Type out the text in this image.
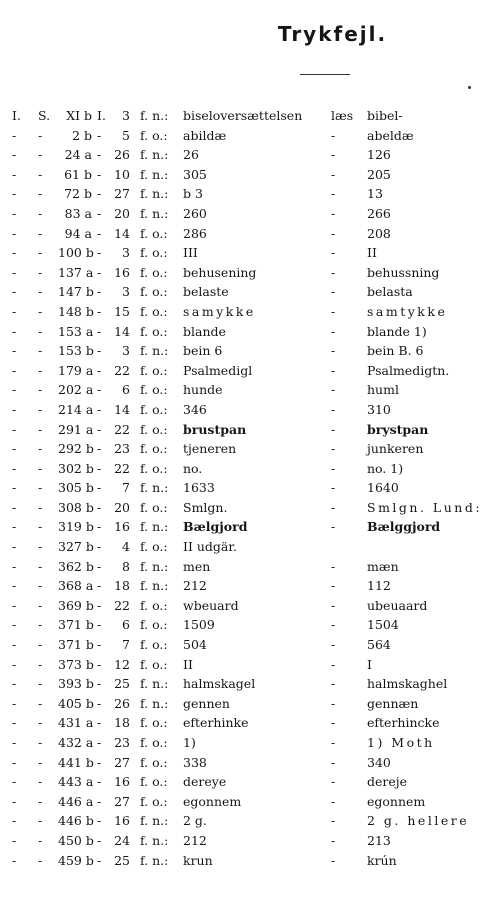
Trykfejl.
I. S.	XI b I.	3 f. n.: biseloversættelsen læs bibel-
- -	2 b -	5 f. o.: abildæ	-	abeldæ
- -	24 a -	26 f. n.: 26	-	126
- -	61 b -	10 f. n.: 305	-	205
- -	72 b -	27 f. n.: b 3	-	13
- -	83 a -	20 f. n.: 260	-	266
- -	94 a -	14 f. o.: 286	-	208
- - 100 b -	3 f. o.: III	-	II
- - 137 a -	16 f. o.: behusening	-	behussning
- - 147 b -	3 f. o.: belaste	-	belasta
- - 148 b -	15 f. o.: samykke	-	samtykke
- - 153 a -	14 f. o.: blande	-	blande 1)
- - 153 b -	3 f. n.: bein 6	-	bein B. 6
- - 179 a -	22 f. o.: Psalmedigl	-	Psalmedigtn.
- - 202 a -	6 f. o.: hunde	-	huml
- - 214 a -	14 f. o.: 346	-	310
- - 291 a -	22 f. o.: brustpan	-	brystpan
- - 292 b -	23 f. o.: tjeneren	-	junkeren
- - 302 b -	22 f. o.: no.	-	no. 1)
- - 305 b -	7 f. n.: 1633	-	1640
- - 308 b -	20 f. o.: Smlgn.	-	Smlgn. Lund:
- - 319 b -	16 f. n.: Bælgjord	-	Bælggjord
- - 327 b -	4 f. o.: II udgär.
- - 362 b -	8 f. n.: men	-	mæn
- - 368 a -	18 f. n.: 212	-	112
- - 369 b -	22 f. o.: wbeuard	-	ubeuaard
- - 371 b -	6 f. o.: 1509	-	1504
- - 371 b -	7 f. o.: 504	-	564
- - 373 b -	12 f. o.: II	-	I
- - 393 b -	25 f. n.: halmskagel	-	halmskaghel
- - 405 b -	26 f. n.: gennen	-	gennæn
- - 431 a -	18 f. o.: efterhinke	-	efterhincke
- - 432 a -	23 f. o.: 1)	-	1) Moth
- - 441 b -	27 f. o.: 338	-	340
- - 443 a -	16 f. o.: dereye	-	dereje
- - 446 a -	27 f. o.: egonnem	-	egonnem
- - 446 b -	16 f. n.: 2 g.	-	2 g. hellere
- - 450 b -	24 f. n.: 212	-	213
- - 459 b -	25 f. n.: krun	-	krún
